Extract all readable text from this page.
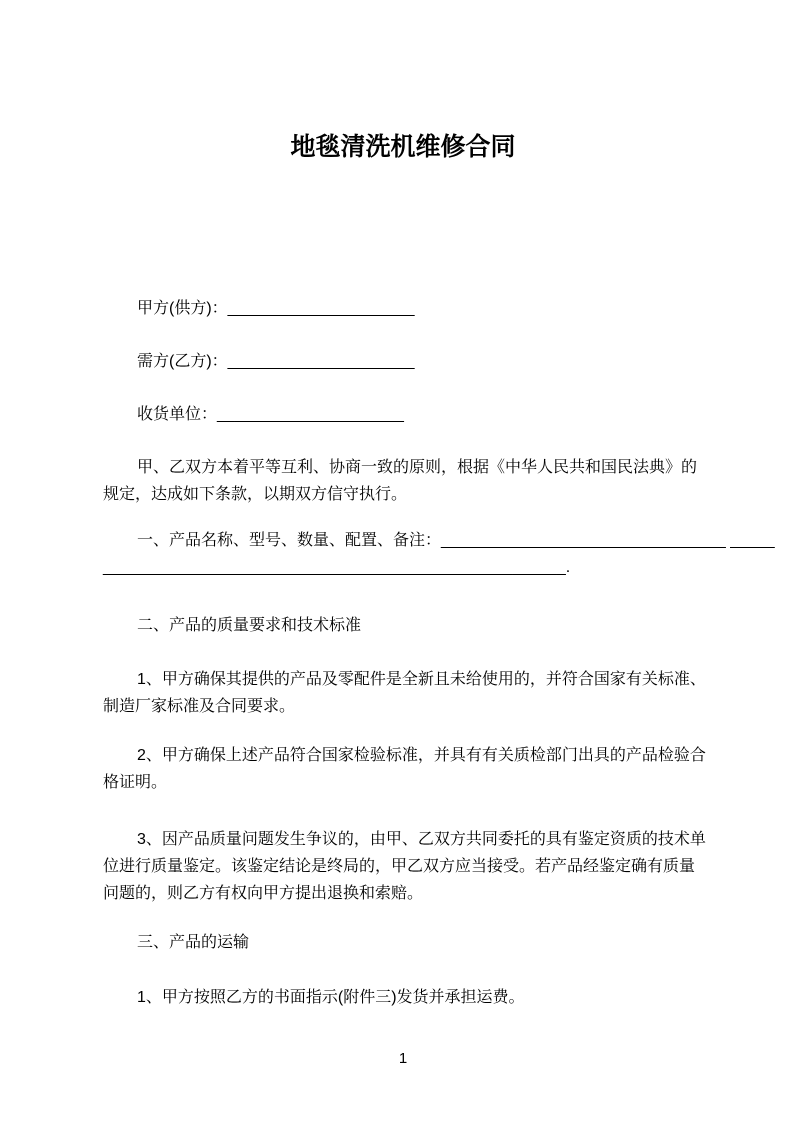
地毯清洗机维修合同
甲方(供方)：_____________________
需方(乙方)：_____________________
收货单位：_____________________
甲、乙双方本着平等互利、协商一致的原则，根据《中华人民共和国民法典》的
规定，达成如下条款，以期双方信守执行。
一、产品名称、型号、数量、配置、备注：________________________________ _____
____________________________________________________.
二、产品的质量要求和技术标准
1、甲方确保其提供的产品及零配件是全新且未给使用的，并符合国家有关标准、
制造厂家标准及合同要求。
2、甲方确保上述产品符合国家检验标准，并具有有关质检部门出具的产品检验合
格证明。
3、因产品质量问题发生争议的，由甲、乙双方共同委托的具有鉴定资质的技术单
位进行质量鉴定。该鉴定结论是终局的，甲乙双方应当接受。若产品经鉴定确有质量
问题的，则乙方有权向甲方提出退换和索赔。
三、产品的运输
1、甲方按照乙方的书面指示(附件三)发货并承担运费。
1
